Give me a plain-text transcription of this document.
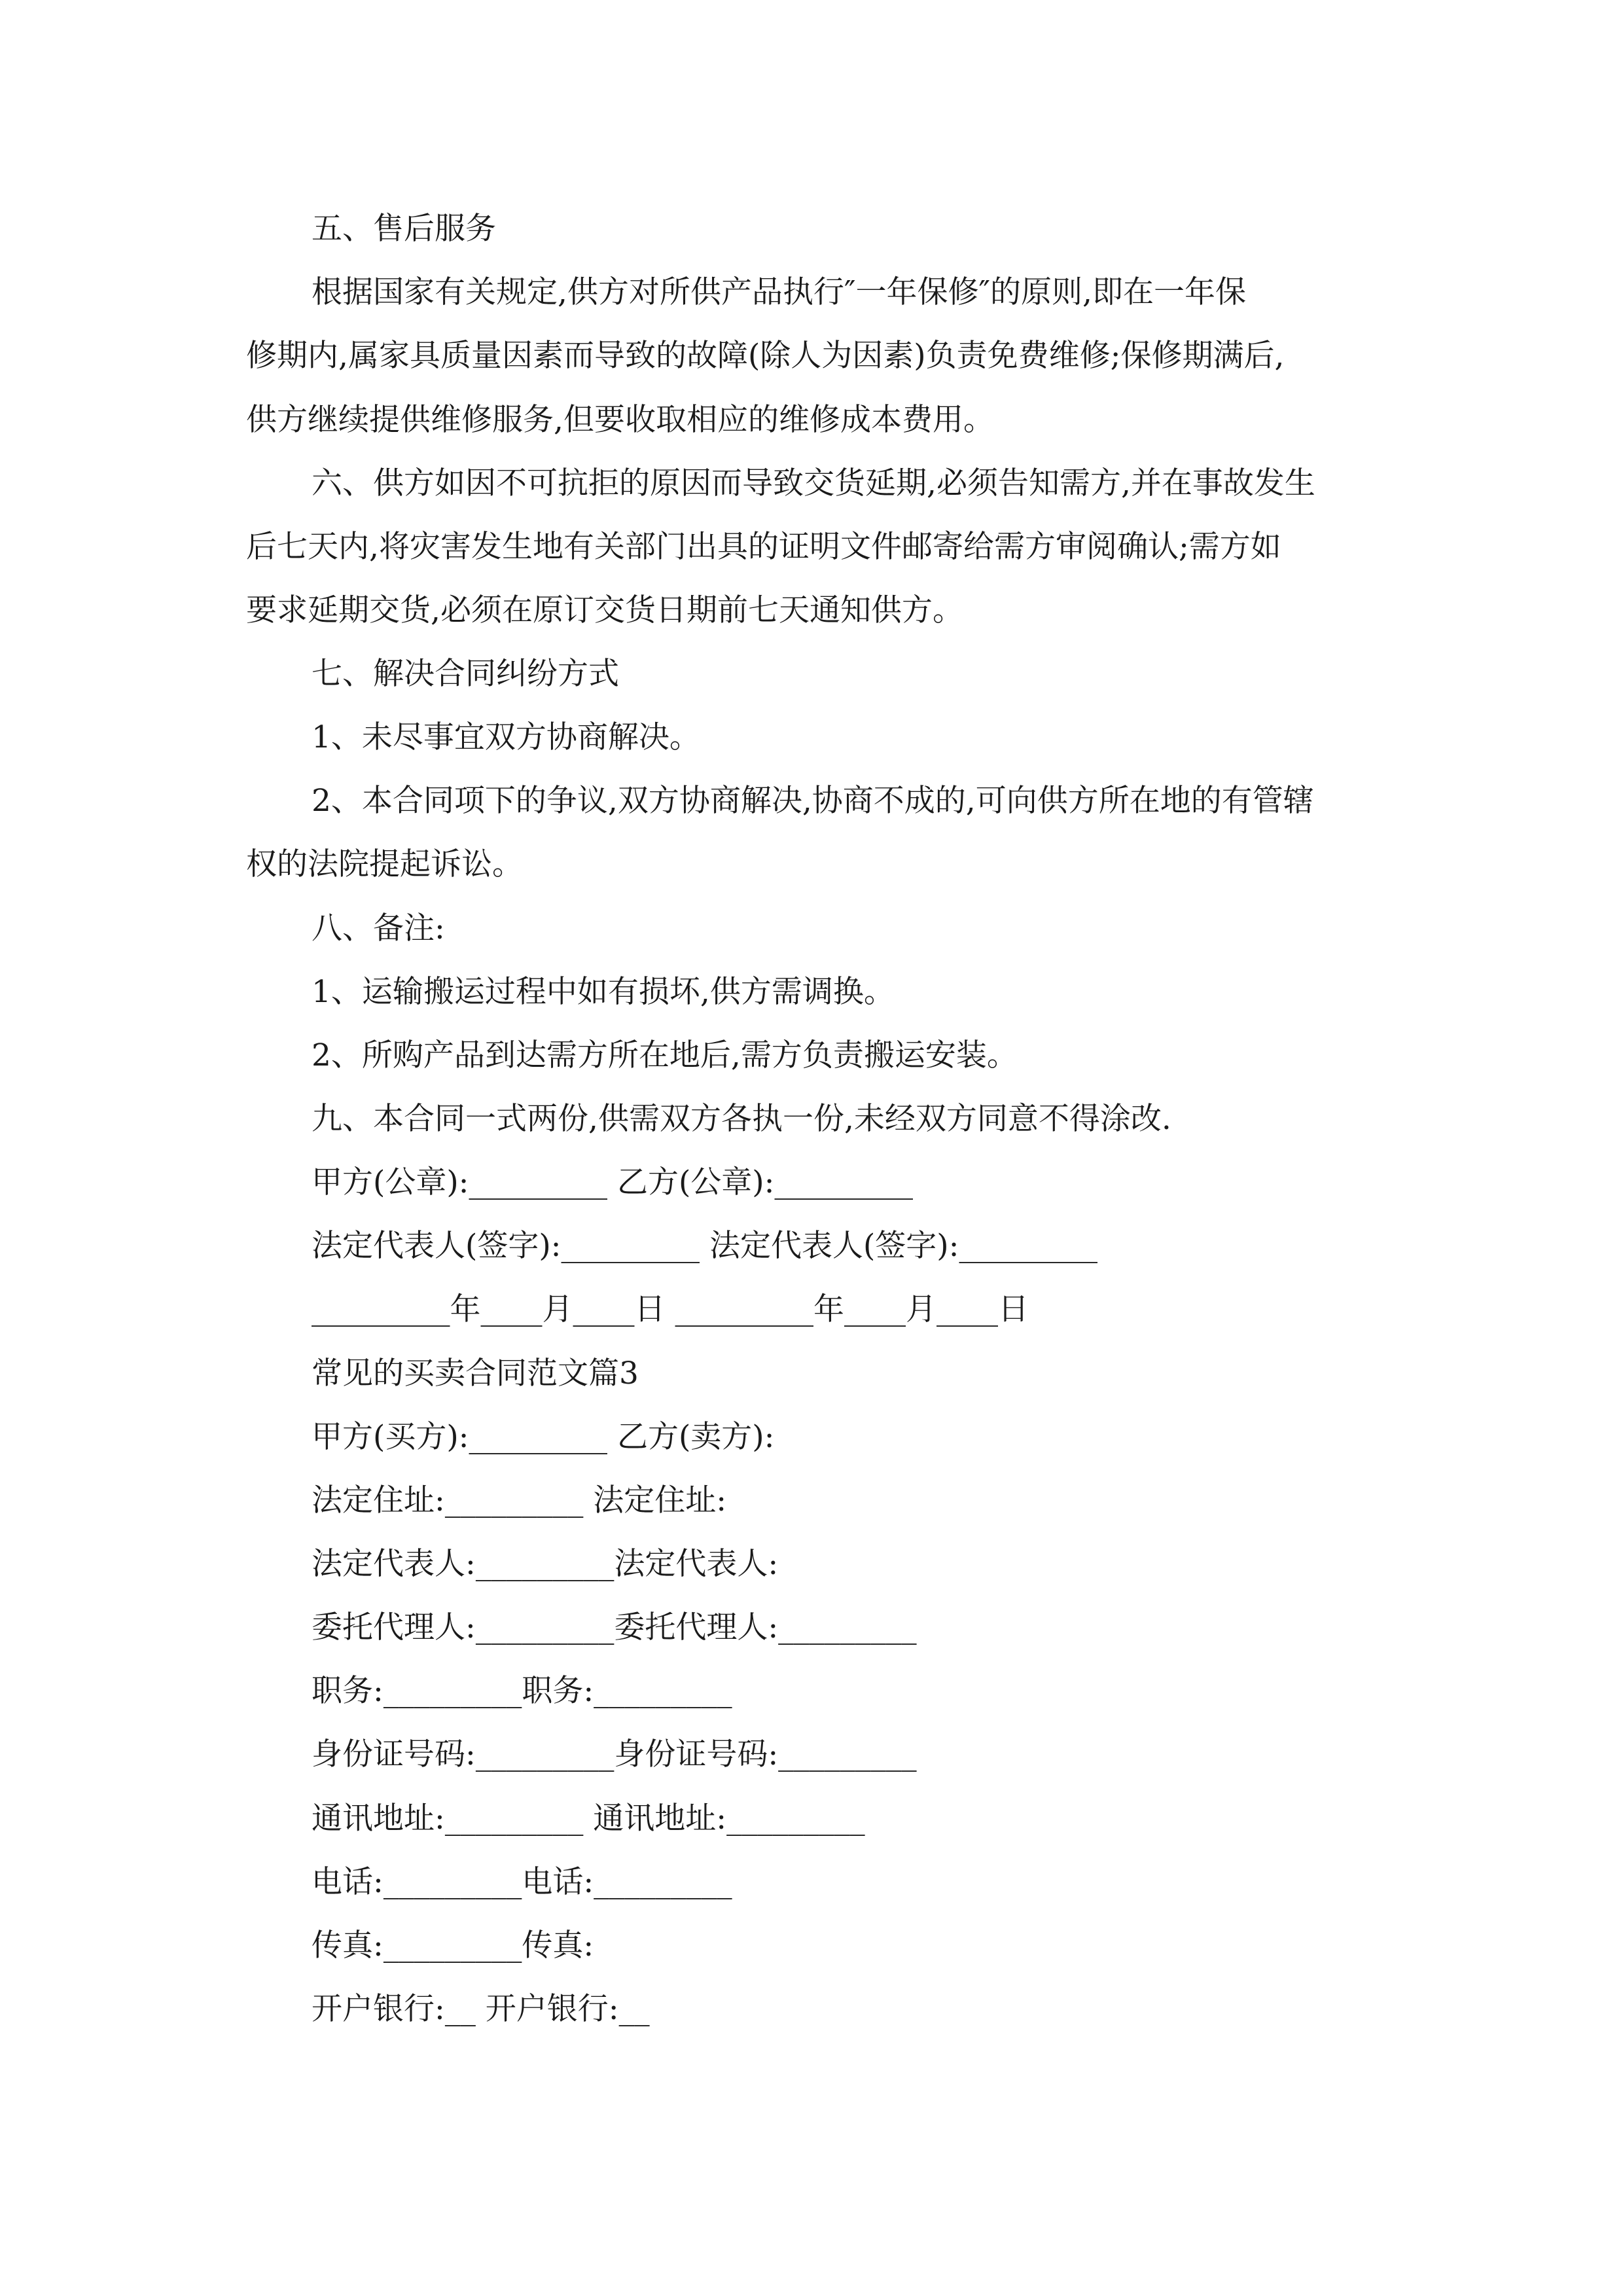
五、售后服务
根据国家有关规定,供方对所供产品执行″一年保修″的原则,即在一年保
修期内,属家具质量因素而导致的故障(除人为因素)负责免费维修;保修期满后,
供方继续提供维修服务,但要收取相应的维修成本费用。
六、供方如因不可抗拒的原因而导致交货延期,必须告知需方,并在事故发生
后七天内,将灾害发生地有关部门出具的证明文件邮寄给需方审阅确认;需方如
要求延期交货,必须在原订交货日期前七天通知供方。
七、解决合同纠纷方式
1、未尽事宜双方协商解决。
2、本合同项下的争议,双方协商解决,协商不成的,可向供方所在地的有管辖
权的法院提起诉讼。
八、备注:
1、运输搬运过程中如有损坏,供方需调换。
2、所购产品到达需方所在地后,需方负责搬运安装。
九、本合同一式两份,供需双方各执一份,未经双方同意不得涂改.
甲方(公章):_________ 乙方(公章):_________
法定代表人(签字):_________ 法定代表人(签字):_________
_________年____月____日 _________年____月____日
常见的买卖合同范文篇3
甲方(买方):_________ 乙方(卖方):
法定住址:_________ 法定住址:
法定代表人:_________法定代表人:
委托代理人:_________委托代理人:_________
职务:_________职务:_________
身份证号码:_________身份证号码:_________
通讯地址:_________ 通讯地址:_________
电话:_________电话:_________
传真:_________传真:
开户银行:__ 开户银行:__
